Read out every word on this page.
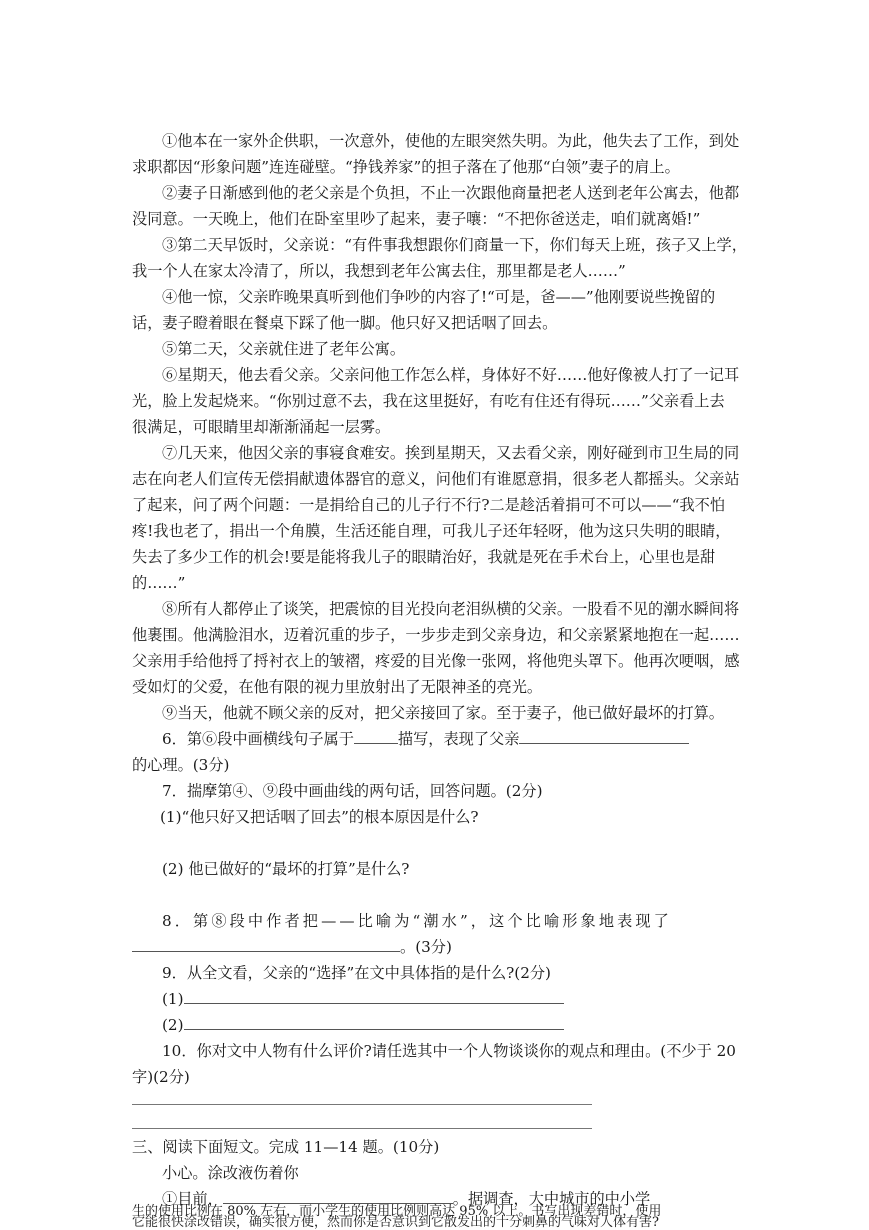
①他本在一家外企供职，一次意外，使他的左眼突然失明。为此，他失去了工作，到处
求职都因“形象问题”连连碰壁。“挣钱养家”的担子落在了他那“白领”妻子的肩上。
②妻子日渐感到他的老父亲是个负担，不止一次跟他商量把老人送到老年公寓去，他都
没同意。一天晚上，他们在卧室里吵了起来，妻子嚷：“不把你爸送走，咱们就离婚!”
③第二天早饭时，父亲说：“有件事我想跟你们商量一下，你们每天上班，孩子又上学，
我一个人在家太冷清了，所以，我想到老年公寓去住，那里都是老人……”
④他一惊，父亲昨晚果真听到他们争吵的内容了!“可是，爸——”他刚要说些挽留的
话，妻子瞪着眼在餐桌下踩了他一脚。他只好又把话咽了回去。
⑤第二天，父亲就住进了老年公寓。
⑥星期天，他去看父亲。父亲问他工作怎么样，身体好不好……他好像被人打了一记耳
光，脸上发起烧来。“你别过意不去，我在这里挺好，有吃有住还有得玩……”父亲看上去
很满足，可眼睛里却渐渐涌起一层雾。
⑦几天来，他因父亲的事寝食难安。挨到星期天，又去看父亲，刚好碰到市卫生局的同
志在向老人们宣传无偿捐献遗体器官的意义，问他们有谁愿意捐，很多老人都摇头。父亲站
了起来，问了两个问题：一是捐给自己的儿子行不行?二是趁活着捐可不可以——“我不怕
疼!我也老了，捐出一个角膜，生活还能自理，可我儿子还年轻呀，他为这只失明的眼睛，
失去了多少工作的机会!要是能将我儿子的眼睛治好，我就是死在手术台上，心里也是甜
的……”
⑧所有人都停止了谈笑，把震惊的目光投向老泪纵横的父亲。一股看不见的潮水瞬间将
他裹围。他满脸泪水，迈着沉重的步子，一步步走到父亲身边，和父亲紧紧地抱在一起……
父亲用手给他捋了捋衬衣上的皱褶，疼爱的目光像一张网，将他兜头罩下。他再次哽咽，感
受如灯的父爱，在他有限的视力里放射出了无限神圣的亮光。
⑨当天，他就不顾父亲的反对，把父亲接回了家。至于妻子，他已做好最坏的打算。
6．第⑥段中画横线句子属于	描写，表现了父亲
的心理。(3分)
7．揣摩第④、⑨段中画曲线的两句话，回答问题。(2分)
(1)“他只好又把话咽了回去”的根本原因是什么?
(2) 他已做好的“最坏的打算”是什么?
8．第⑧段中作者把——比喻为“潮水”，这个比喻形象地表现了
。(3分)
9．从全文看，父亲的“选择”在文中具体指的是什么?(2分)
(1)
(2)
10．你对文中人物有什么评价?请任选其中一个人物谈谈你的观点和理由。(不少于 20
字)(2分)
三、阅读下面短文。完成 11—14 题。(10分)
小心。涂改液伤着你
①目前，	。据调查，大中城市的中小学
生的使用比例在 80% 左右，而小学生的使用比例则高达 95% 以上。书写出现差错时，使用
它能很快涂改错误，确实很方便，然而你是否意识到它散发出的十分刺鼻的气味对人体有害?
